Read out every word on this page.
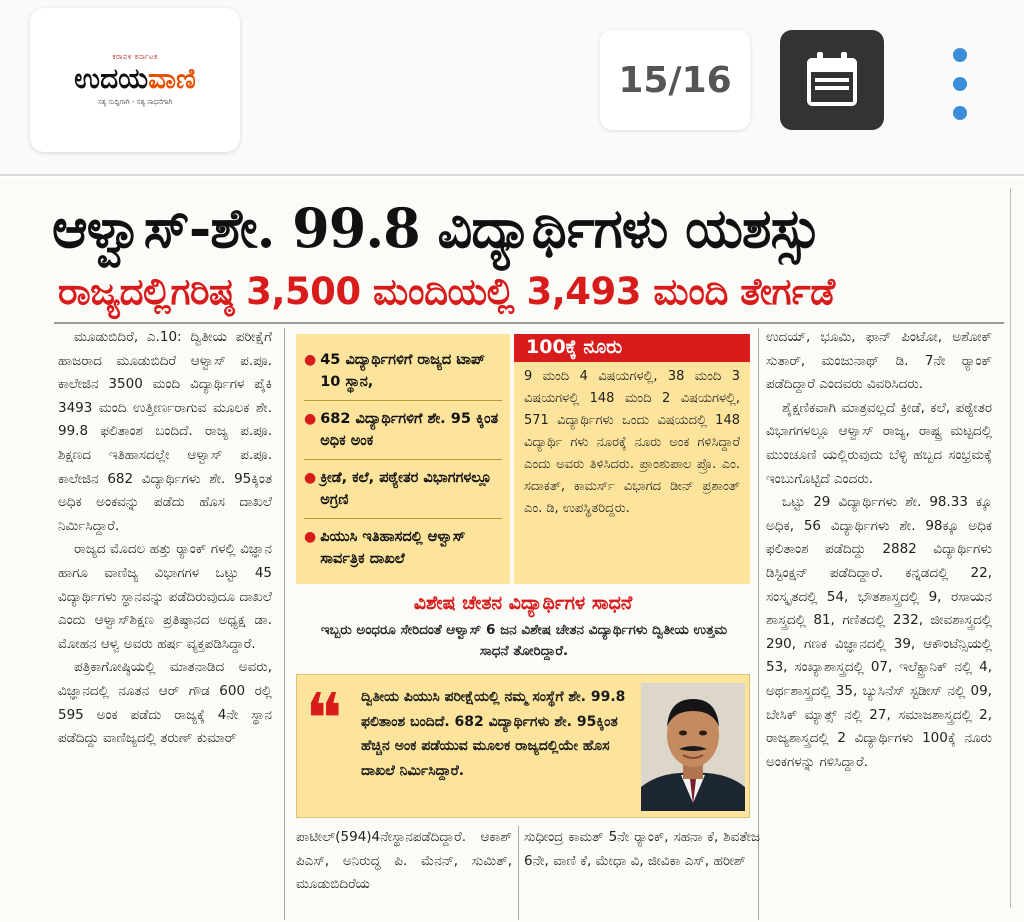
ಕರಾವಳಿ ಕರ್ನಾಟಕ
ಉದಯವಾಣಿ
ಸತ್ಯ ಸುದ್ದಿಗಾಗಿ - ಸತ್ಯ ಸಾಧನೆಗಾಗಿ
15/16
ಆಳ್ವಾಸ್‌-ಶೇ. 99.8 ವಿದ್ಯಾರ್ಥಿಗಳು ಯಶಸ್ಸು
ರಾಜ್ಯದಲ್ಲಿಗರಿಷ್ಠ 3,500 ಮಂದಿಯಲ್ಲಿ 3,493 ಮಂದಿ ತೇರ್ಗಡೆ

ಮೂಡುಬಿದಿರೆ, ಎ.10: ದ್ವಿತೀಯ ಪರೀಕ್ಷೆಗೆ ಹಾಜರಾದ ಮೂಡುಬಿದಿರೆ ಆಳ್ವಾಸ್‌ ಪ.ಪೂ. ಕಾಲೇಜಿನ 3500 ಮಂದಿ ವಿದ್ಯಾರ್ಥಿಗಳ ಪೈಕಿ 3493 ಮಂದಿ ಉತ್ತೀರ್ಣರಾಗುವ ಮೂಲಕ ಶೇ. 99.8 ಫಲಿತಾಂಶ ಬಂದಿದೆ. ರಾಜ್ಯ ಪ.ಪೂ. ಶಿಕ್ಷಣದ ಇತಿಹಾಸದಲ್ಲೇ ಆಳ್ವಾಸ್‌ ಪ.ಪೂ. ಕಾಲೇಜಿನ 682 ವಿದ್ಯಾರ್ಥಿಗಳು ಶೇ. 95ಕ್ಕಿಂತ ಅಧಿಕ ಅಂಕವನ್ನು ಪಡೆದು ಹೊಸ ದಾಖಲೆ ನಿರ್ಮಿಸಿದ್ದಾರೆ.

ರಾಜ್ಯದ ಮೊದಲ ಹತ್ತು ರ‍್ಯಾಂಕ್‌ ಗಳಲ್ಲಿ ವಿಜ್ಞಾನ ಹಾಗೂ ವಾಣಿಜ್ಯ ವಿಭಾಗಗಳ ಒಟ್ಟು 45 ವಿದ್ಯಾರ್ಥಿಗಳು ಸ್ಥಾನವನ್ನು ಪಡೆದಿರುವುದೂ ದಾಖಲೆ ಎಂದು ಆಳ್ವಾಸ್‌ಶಿಕ್ಷಣ ಪ್ರತಿಷ್ಠಾನದ ಅಧ್ಯಕ್ಷ ಡಾ. ಮೋಹನ ಆಳ್ವ ಅವರು ಹರ್ಷ ವ್ಯಕ್ತಪಡಿಸಿದ್ದಾರೆ.

ಪತ್ರಿಕಾಗೋಷ್ಠಿಯಲ್ಲಿ ಮಾತನಾಡಿದ ಅವರು, ವಿಜ್ಞಾನದಲ್ಲಿ ನೂತನ ಆರ್‌ ಗೌಡ 600 ರಲ್ಲಿ 595 ಅಂಕ ಪಡೆದು ರಾಜ್ಯಕ್ಕೆ 4ನೇ ಸ್ಥಾನ ಪಡೆದಿದ್ದು ವಾಣಿಜ್ಯದಲ್ಲಿ ತರುಣ್‌ ಕುಮಾರ್‌

● 45 ವಿದ್ಯಾರ್ಥಿಗಳಿಗೆ ರಾಜ್ಯದ ಟಾಪ್‌ 10 ಸ್ಥಾನ,
● 682 ವಿದ್ಯಾರ್ಥಿಗಳಿಗೆ ಶೇ. 95 ಕ್ಕಿಂತ ಅಧಿಕ ಅಂಕ
● ಕ್ರೀಡೆ, ಕಲೆ, ಪಠ್ಯೇತರ ವಿಭಾಗಗಳಲ್ಲೂ ಅಗ್ರಣಿ
● ಪಿಯುಸಿ ಇತಿಹಾಸದಲ್ಲಿ ಆಳ್ವಾಸ್‌ ಸಾರ್ವತ್ರಿಕ ದಾಖಲೆ
100ಕ್ಕೆ ನೂರು
9 ಮಂದಿ 4 ವಿಷಯಗಳಲ್ಲಿ, 38 ಮಂದಿ 3 ವಿಷಯಗಳಲ್ಲಿ 148 ಮಂದಿ 2 ವಿಷಯಗಳಲ್ಲಿ, 571 ವಿದ್ಯಾರ್ಥಿಗಳು ಒಂದು ವಿಷಯದಲ್ಲಿ 148 ವಿದ್ಯಾರ್ಥಿ ಗಳು ನೂರಕ್ಕೆ ನೂರು ಅಂಕ ಗಳಿಸಿದ್ದಾರೆ ಎಂದು ಅವರು ತಿಳಿಸಿದರು. ಪ್ರಾಂಶುಪಾಲ ಪ್ರೊ. ಎಂ. ಸದಾಕತ್‌, ಕಾಮರ್ಸ್ ವಿಭಾಗದ ಡೀನ್‌ ಪ್ರಶಾಂತ್‌ ಎಂ. ಡಿ, ಉಪಸ್ಥಿತರಿದ್ದರು.
ವಿಶೇಷ ಚೇತನ ವಿದ್ಯಾರ್ಥಿಗಳ ಸಾಧನೆ
ಇಬ್ಬರು ಅಂಧರೂ ಸೇರಿದಂತೆ ಆಳ್ವಾಸ್‌ 6 ಜನ ವಿಶೇಷ ಚೇತನ ವಿದ್ಯಾರ್ಥಿಗಳು ದ್ವಿತೀಯ ಉತ್ತಮ ಸಾಧನೆ ತೋರಿದ್ದಾರೆ.
❝ ದ್ವಿತೀಯ ಪಿಯುಸಿ ಪರೀಕ್ಷೆಯಲ್ಲಿ ನಮ್ಮ ಸಂಸ್ಥೆಗೆ ಶೇ. 99.8 ಫಲಿತಾಂಶ ಬಂದಿದೆ. 682 ವಿದ್ಯಾರ್ಥಿಗಳು ಶೇ. 95ಕ್ಕಿಂತ ಹೆಚ್ಚಿನ ಅಂಕ ಪಡೆಯುವ ಮೂಲಕ ರಾಜ್ಯದಲ್ಲಿಯೇ ಹೊಸ ದಾಖಲೆ ನಿರ್ಮಿಸಿದ್ದಾರೆ.

ಪಾಟೀಲ್‌(594)4ನೇಸ್ಥಾನಪಡೆದಿದ್ದಾರೆ. ಆಕಾಶ್‌ ಪಿಎಸ್‌, ಅನಿರುದ್ಧ ಪಿ. ಮೆನನ್‌, ಸುಮಿತ್‌, ಮೂಡುಬಿದಿರೆಯ

ಸುಧೀಂದ್ರ ಕಾಮತ್‌ 5ನೇ ರ‍್ಯಾಂಕ್‌, ಸಹನಾ ಕೆ, ಶಿವತೇಜ 6ನೇ, ವಾಣಿ ಕೆ, ಮೇಧಾ ವಿ, ಜೀವಿಕಾ ಎಸ್‌, ಹರೀಶ್‌

ಉದಯ್‌, ಭೂಮಿ, ಫಾನ್‌ ಪಿಂಟೋ, ಅಶೋಕ್‌ ಸುತಾರ್‌, ಮಂಜುನಾಥ್‌ ಡಿ. 7ನೇ ರ‍್ಯಾಂಕ್‌ ಪಡೆದಿದ್ದಾರೆ ಎಂದವರು ವಿವರಿಸಿದರು.

ಶೈಕ್ಷಣಿಕವಾಗಿ ಮಾತ್ರವಲ್ಲದೆ ಕ್ರೀಡೆ, ಕಲೆ, ಪಠ್ಯೇತರ ವಿಭಾಗಗಳಲ್ಲೂ ಆಳ್ವಾಸ್‌ ರಾಜ್ಯ, ರಾಷ್ಟ್ರ ಮಟ್ಟದಲ್ಲಿ ಮುಂಚೂಣಿ ಯಲ್ಲಿರುವುದು ಬೆಳ್ಳಿ ಹಬ್ಬದ ಸಂಭ್ರಮಕ್ಕೆ ಇಂಬುಗೊಟ್ಟಿದೆ ಎಂದರು.

ಒಟ್ಟು 29 ವಿದ್ಯಾರ್ಥಿಗಳು ಶೇ. 98.33 ಕ್ಕೂ ಅಧಿಕ, 56 ವಿದ್ಯಾರ್ಥಿಗಳು ಶೇ. 98ಕ್ಕೂ ಅಧಿಕ ಫಲಿತಾಂಶ ಪಡೆದಿದ್ದು 2882 ವಿದ್ಯಾರ್ಥಿಗಳು ಡಿಸ್ಟಿಂಕ್ಷನ್‌ ಪಡೆದಿದ್ದಾರೆ. ಕನ್ನಡದಲ್ಲಿ 22, ಸಂಸ್ಕೃತದಲ್ಲಿ 54, ಭೌತಶಾಸ್ತ್ರದಲ್ಲಿ 9, ರಸಾಯನ ಶಾಸ್ತ್ರದಲ್ಲಿ 81, ಗಣಿತದಲ್ಲಿ 232, ಜೀವಶಾಸ್ತ್ರದಲ್ಲಿ 290, ಗಣಕ ವಿಜ್ಞಾನದಲ್ಲಿ 39, ಆಕೌಂಟೆನ್ಸಿಯಲ್ಲಿ 53, ಸಂಖ್ಯಾಶಾಸ್ತ್ರದಲ್ಲಿ 07, ಇಲೆಕ್ಟ್ರಾನಿಕ್‌ ನಲ್ಲಿ 4, ಅರ್ಥಶಾಸ್ತ್ರದಲ್ಲಿ 35, ಬ್ಯುಸಿನೆಸ್‌ ಸ್ಟಡೀಸ್‌ ನಲ್ಲಿ 09, ಬೇಸಿಕ್‌ ಮ್ಯಾತ್ಸ್‌ ನಲ್ಲಿ 27, ಸಮಾಜಶಾಸ್ತ್ರದಲ್ಲಿ 2, ರಾಜ್ಯಶಾಸ್ತ್ರದಲ್ಲಿ 2 ವಿದ್ಯಾರ್ಥಿಗಳು 100ಕ್ಕೆ ನೂರು ಅಂಕಗಳನ್ನು ಗಳಿಸಿದ್ದಾರೆ.
